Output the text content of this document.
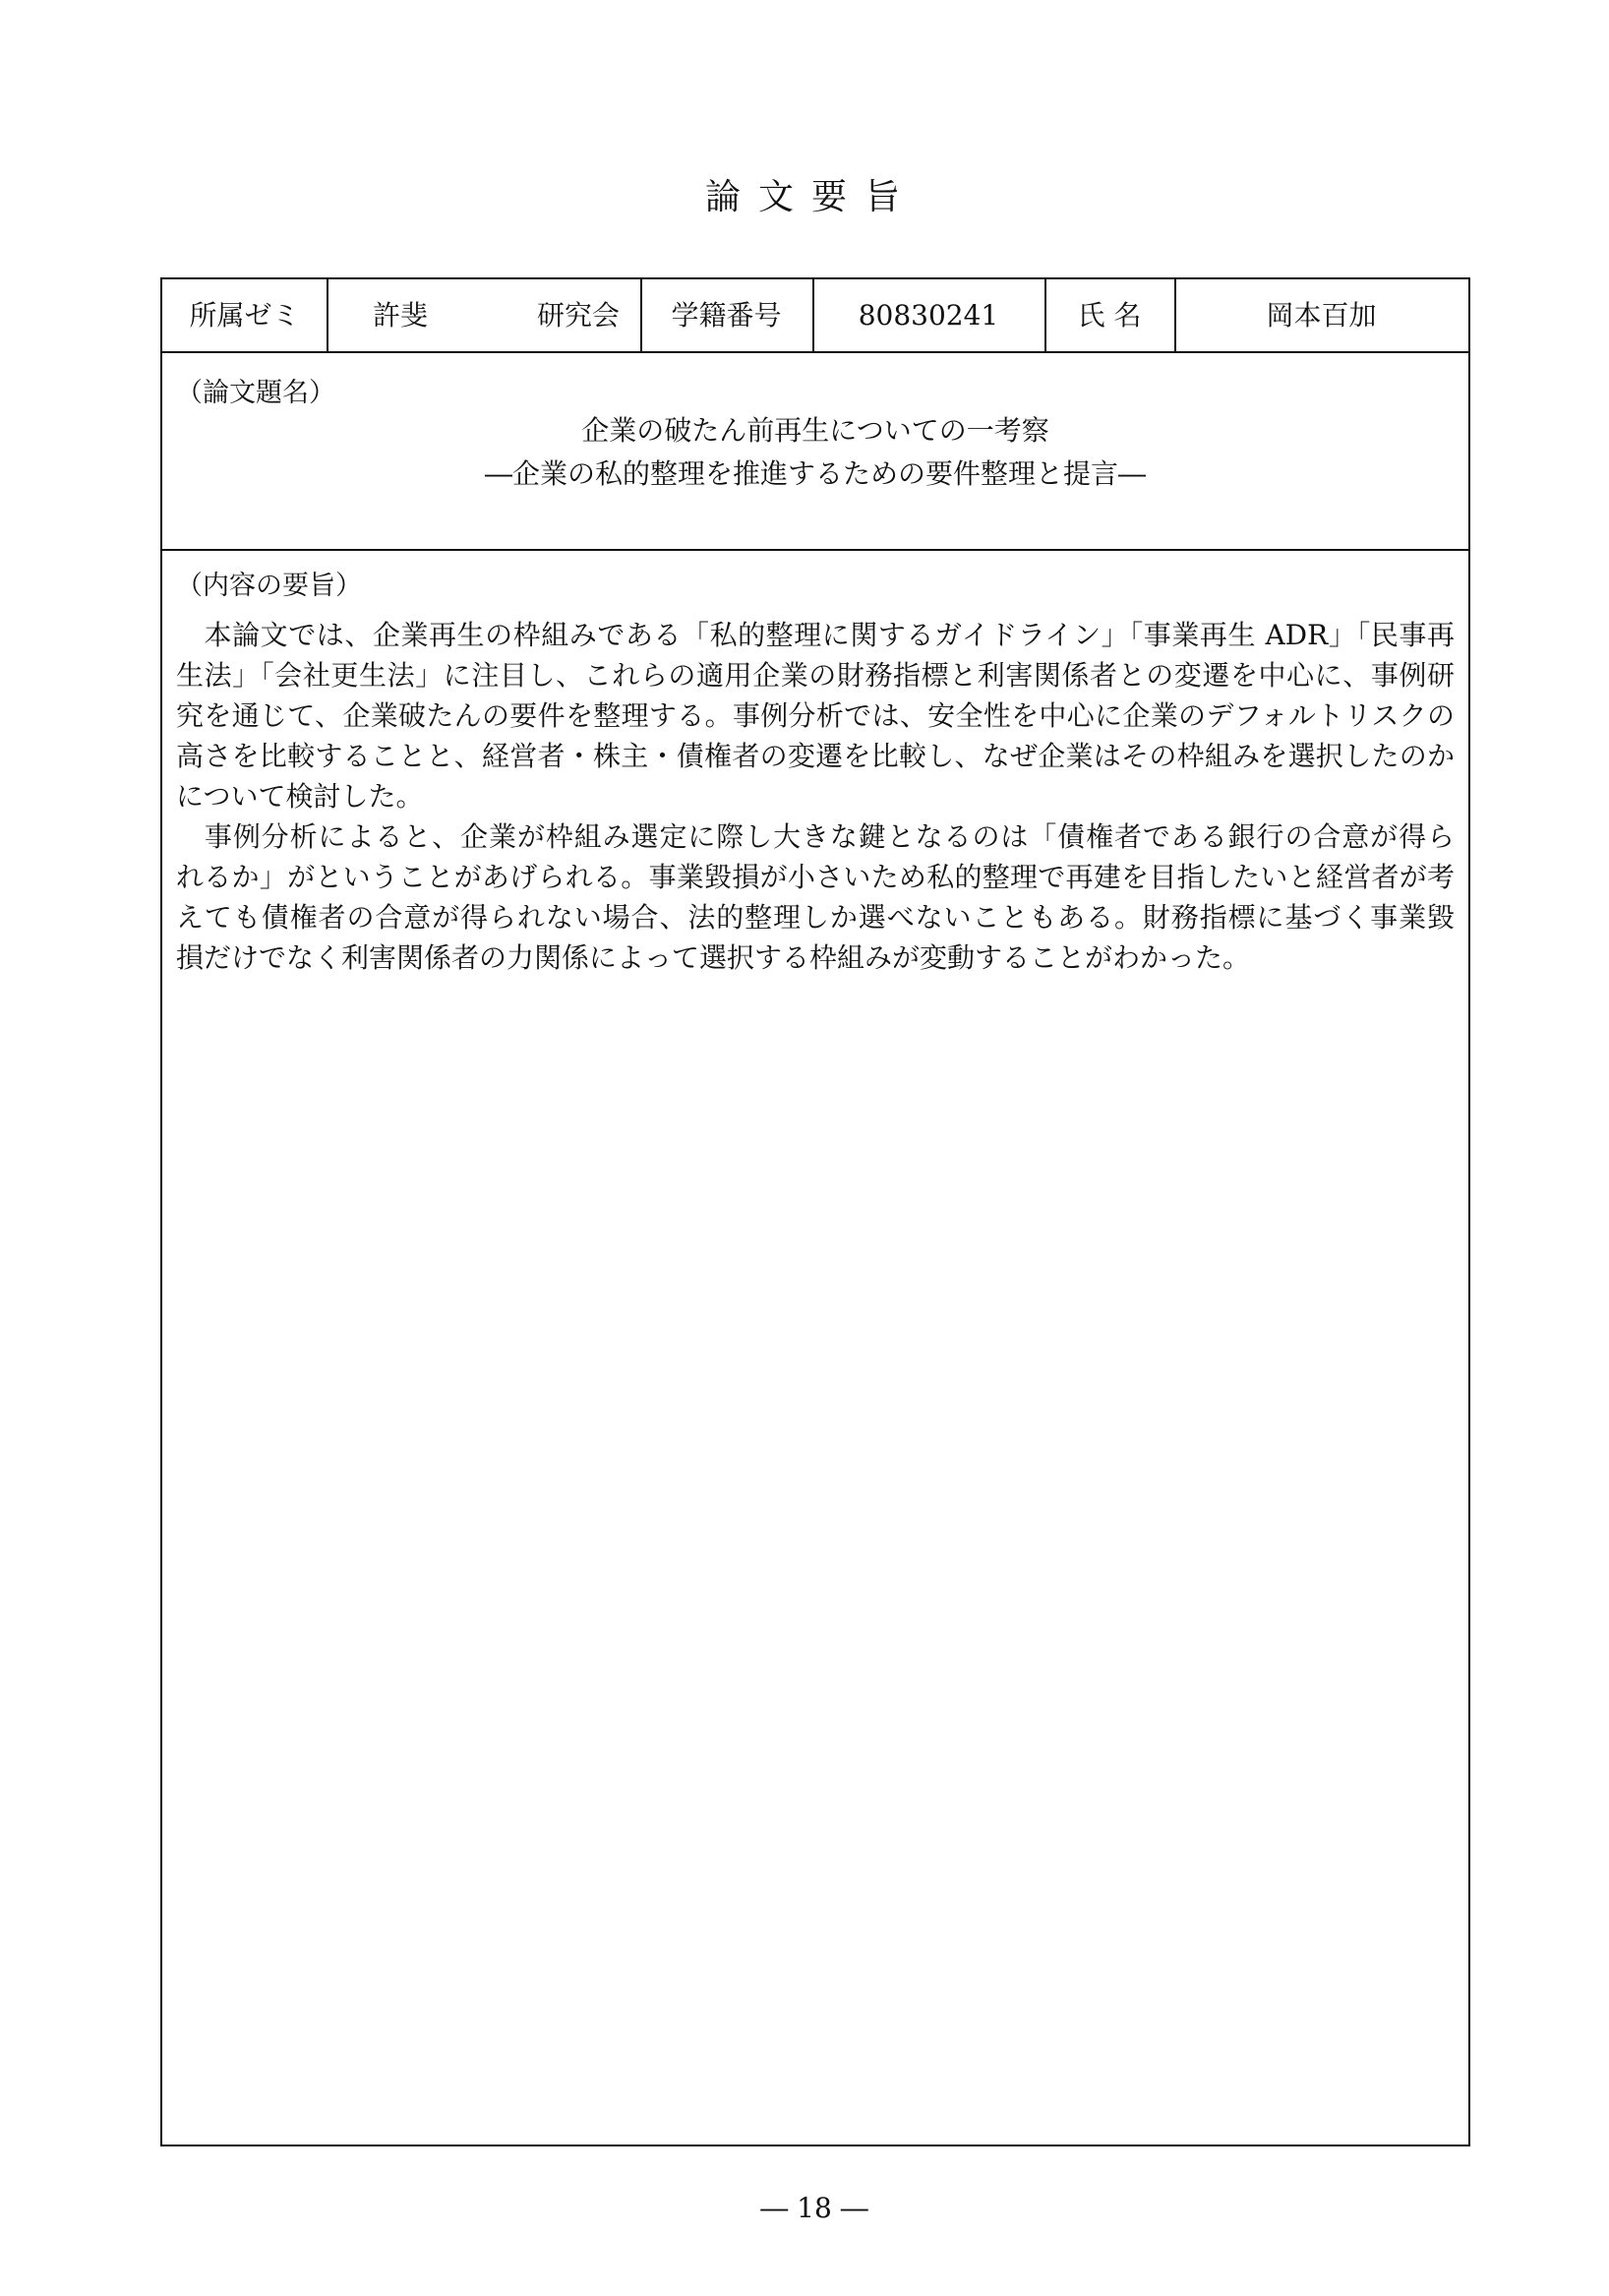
論文要旨
所属ゼミ	許斐	研究会	学籍番号	80830241	氏 名	岡本百加
（論文題名）
企業の破たん前再生についての一考察
―企業の私的整理を推進するための要件整理と提言―
（内容の要旨）
　本論文では、企業再生の枠組みである「私的整理に関するガイドライン」「事業再生 ADR」「民事再
生法」「会社更生法」に注目し、これらの適用企業の財務指標と利害関係者との変遷を中心に、事例研
究を通じて、企業破たんの要件を整理する。事例分析では、安全性を中心に企業のデフォルトリスクの
高さを比較することと、経営者・株主・債権者の変遷を比較し、なぜ企業はその枠組みを選択したのか
について検討した。
　事例分析によると、企業が枠組み選定に際し大きな鍵となるのは「債権者である銀行の合意が得ら
れるか」がということがあげられる。事業毀損が小さいため私的整理で再建を目指したいと経営者が考
えても債権者の合意が得られない場合、法的整理しか選べないこともある。財務指標に基づく事業毀
損だけでなく利害関係者の力関係によって選択する枠組みが変動することがわかった。
― 18 ―
